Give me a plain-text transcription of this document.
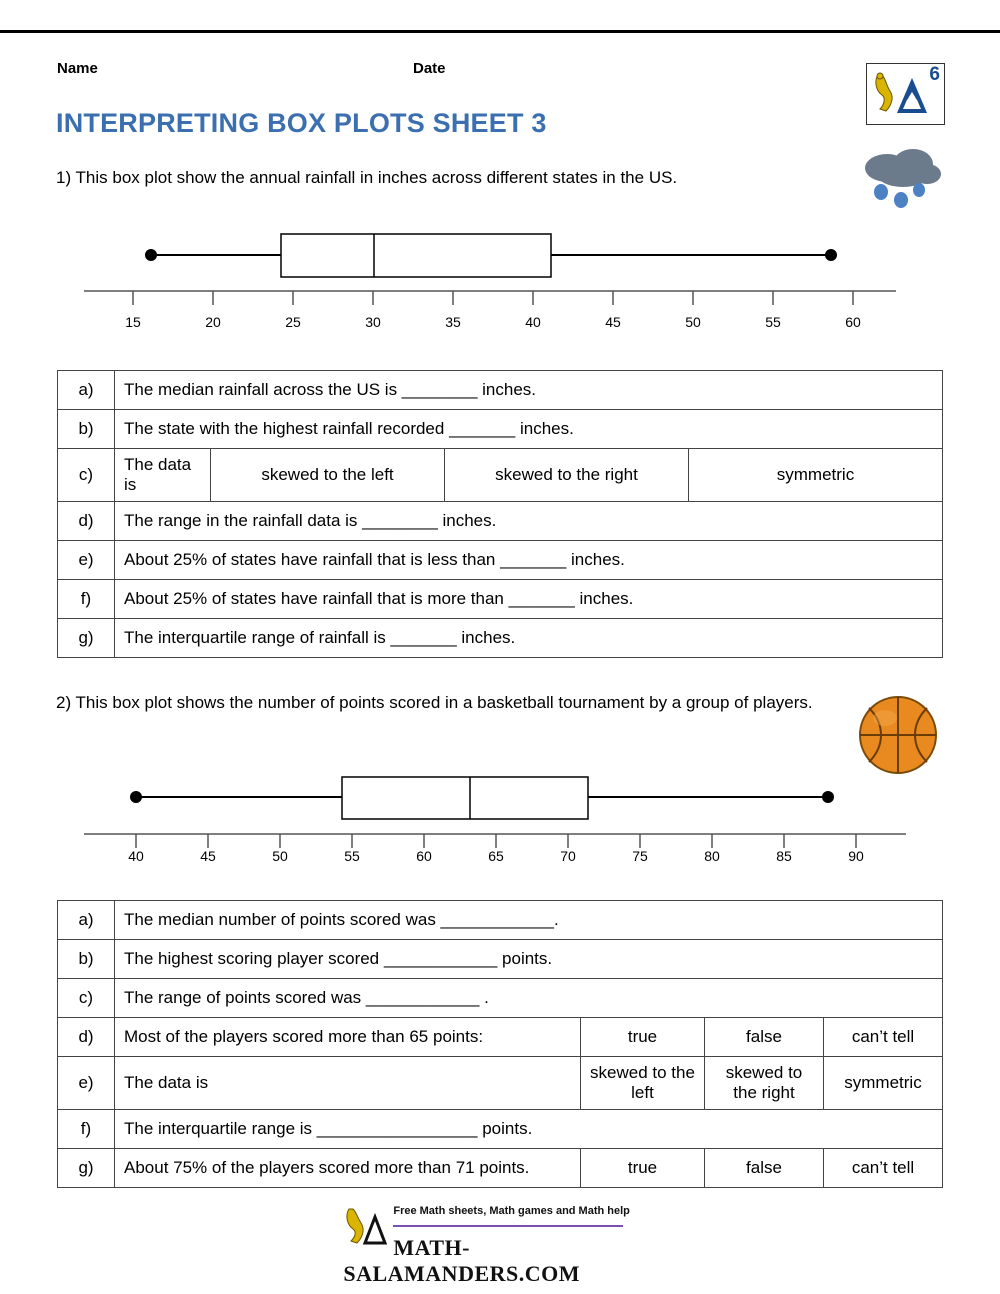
Name	Date
INTERPRETING BOX PLOTS SHEET 3
6
1) This box plot show the annual rainfall in inches across different states in the US.
15	20	25	30	35	40	45	50	55	60
a)	The median rainfall across the US is ________ inches.			
b)	The state with the highest rainfall recorded _______ inches.			
c)	The data is	skewed to the left	skewed to the right	symmetric
d)	The range in the rainfall data is ________ inches.			
e)	About 25% of states have rainfall that is less than _______ inches.			
f)	About 25% of states have rainfall that is more than _______ inches.			
g)	The interquartile range of rainfall is _______ inches.			
2) This box plot shows the number of points scored in a basketball tournament by a group of players.
40	45	50	55	60	65	70	75	80	85	90
a)	The median number of points scored was ____________.			
b)	The highest scoring player scored ____________ points.			
c)	The range of points scored was ____________ .			
d)	Most of the players scored more than 65 points:	true	false	can’t tell
e)	The data is	skewed to the left	skewed to the right	symmetric
f)	The interquartile range is _________________ points.			
g)	About 75% of the players scored more than 71 points.	true	false	can’t tell
Free Math sheets, Math games and Math help
MATH-SALAMANDERS.COM
